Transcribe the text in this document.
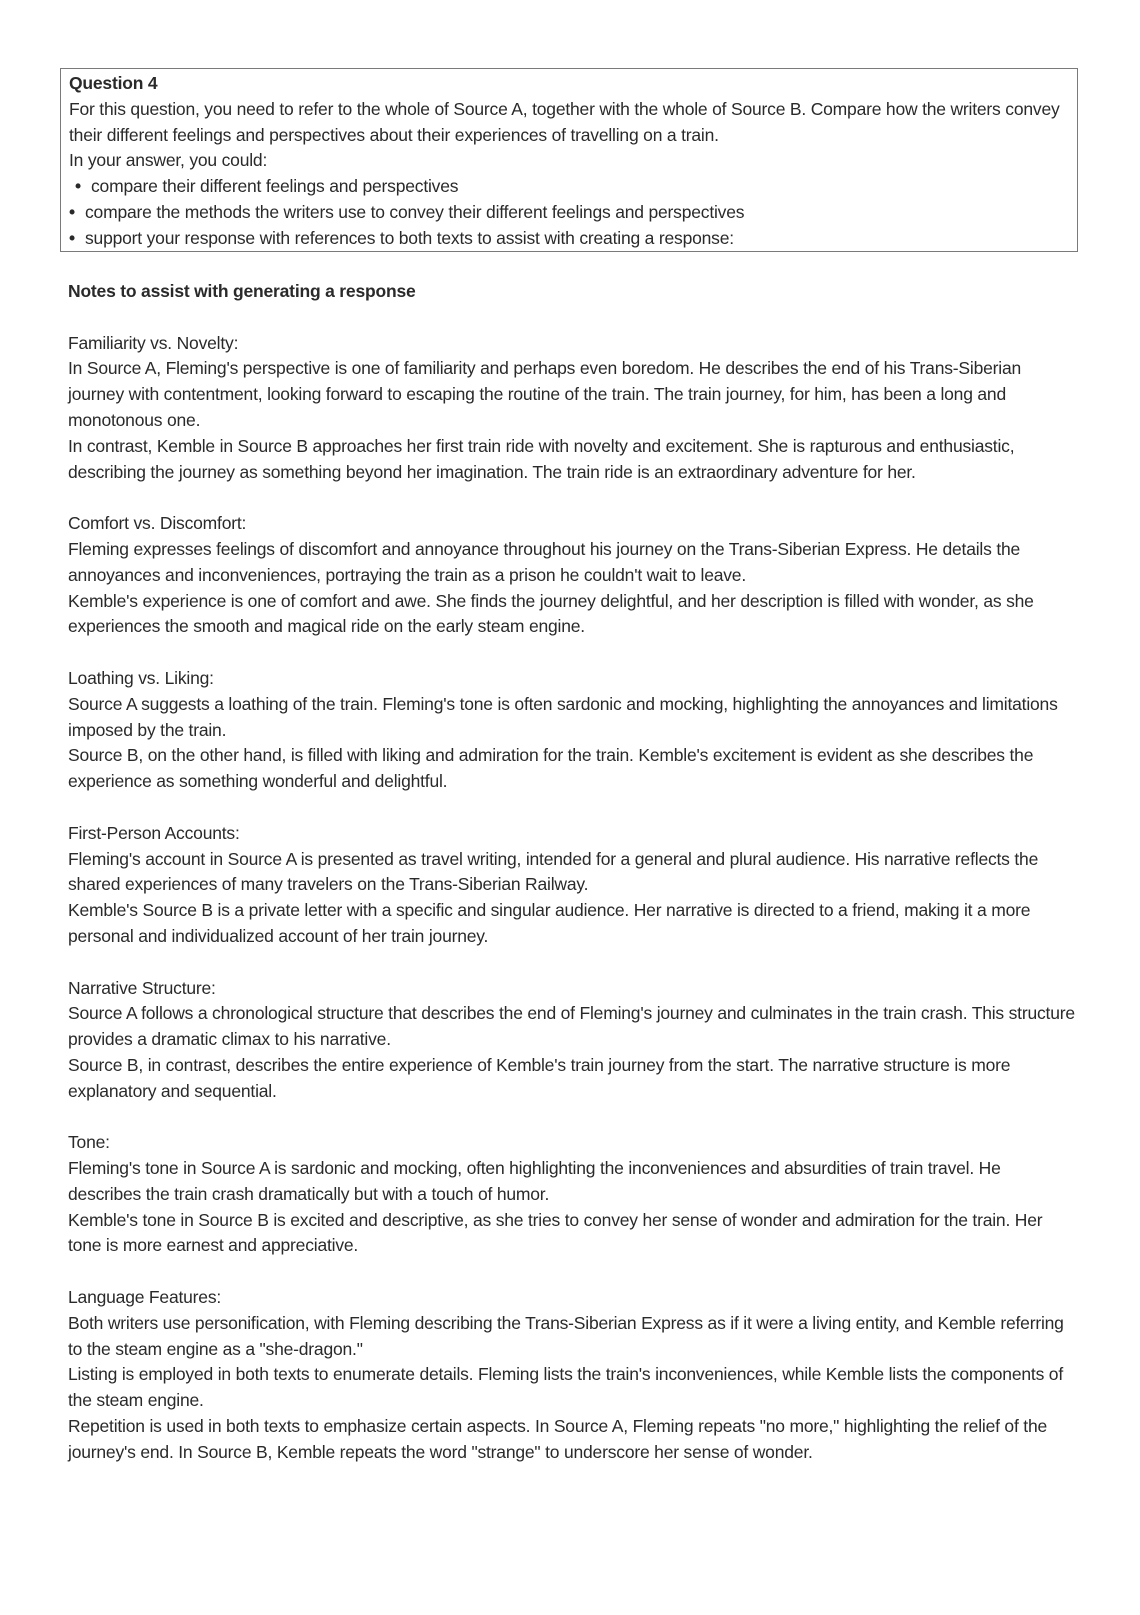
Question 4
For this question, you need to refer to the whole of Source A, together with the whole of Source B. Compare how the writers convey their different feelings and perspectives about their experiences of travelling on a train.
In your answer, you could:
• compare their different feelings and perspectives
• compare the methods the writers use to convey their different feelings and perspectives
• support your response with references to both texts to assist with creating a response:
Notes to assist with generating a response
Familiarity vs. Novelty:

In Source A, Fleming's perspective is one of familiarity and perhaps even boredom. He describes the end of his Trans-Siberian journey with contentment, looking forward to escaping the routine of the train. The train journey, for him, has been a long and monotonous one.

In contrast, Kemble in Source B approaches her first train ride with novelty and excitement. She is rapturous and enthusiastic, describing the journey as something beyond her imagination. The train ride is an extraordinary adventure for her.

Comfort vs. Discomfort:

Fleming expresses feelings of discomfort and annoyance throughout his journey on the Trans-Siberian Express. He details the annoyances and inconveniences, portraying the train as a prison he couldn't wait to leave.

Kemble's experience is one of comfort and awe. She finds the journey delightful, and her description is filled with wonder, as she experiences the smooth and magical ride on the early steam engine.

Loathing vs. Liking:

Source A suggests a loathing of the train. Fleming's tone is often sardonic and mocking, highlighting the annoyances and limitations imposed by the train.

Source B, on the other hand, is filled with liking and admiration for the train. Kemble's excitement is evident as she describes the experience as something wonderful and delightful.

First-Person Accounts:

Fleming's account in Source A is presented as travel writing, intended for a general and plural audience. His narrative reflects the shared experiences of many travelers on the Trans-Siberian Railway.

Kemble's Source B is a private letter with a specific and singular audience. Her narrative is directed to a friend, making it a more personal and individualized account of her train journey.

Narrative Structure:

Source A follows a chronological structure that describes the end of Fleming's journey and culminates in the train crash. This structure provides a dramatic climax to his narrative.

Source B, in contrast, describes the entire experience of Kemble's train journey from the start. The narrative structure is more explanatory and sequential.

Tone:

Fleming's tone in Source A is sardonic and mocking, often highlighting the inconveniences and absurdities of train travel. He describes the train crash dramatically but with a touch of humor.

Kemble's tone in Source B is excited and descriptive, as she tries to convey her sense of wonder and admiration for the train. Her tone is more earnest and appreciative.

Language Features:

Both writers use personification, with Fleming describing the Trans-Siberian Express as if it were a living entity, and Kemble referring to the steam engine as a "she-dragon."

Listing is employed in both texts to enumerate details. Fleming lists the train's inconveniences, while Kemble lists the components of the steam engine.

Repetition is used in both texts to emphasize certain aspects. In Source A, Fleming repeats "no more," highlighting the relief of the journey's end. In Source B, Kemble repeats the word "strange" to underscore her sense of wonder.
